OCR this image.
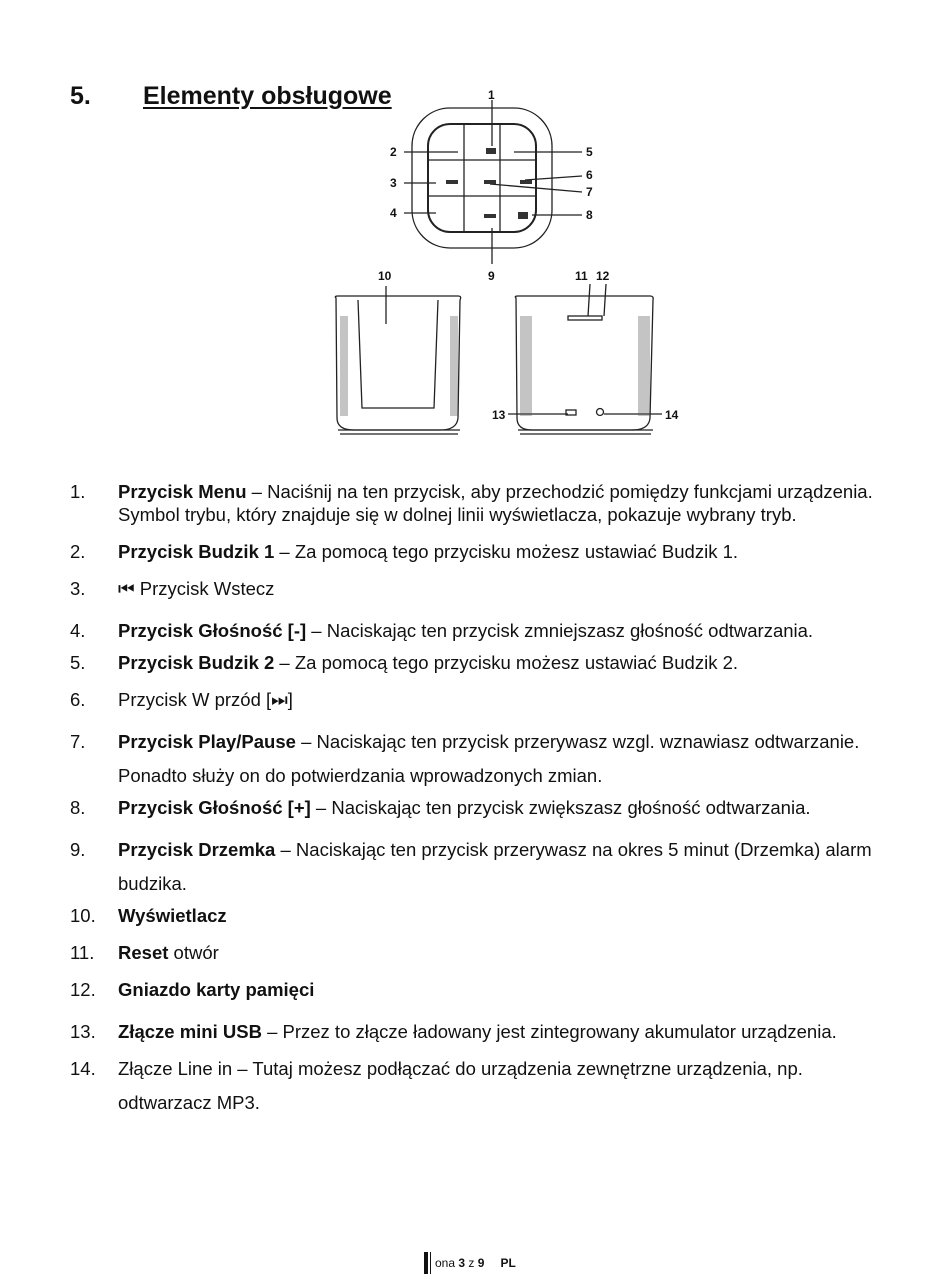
5.	Elementy obsługowe	1
2
3
4
5
6
7
8
9
10	11 12
13	14
1.	Przycisk Menu – Naciśnij na ten przycisk, aby przechodzić pomiędzy funkcjami urządzenia. Symbol trybu, który znajduje się w dolnej linii wyświetlacza, pokazuje wybrany tryb.
2.	Przycisk Budzik 1 – Za pomocą tego przycisku możesz ustawiać Budzik 1.
3.	⏮ Przycisk Wstecz
4.	Przycisk Głośność [-] – Naciskając ten przycisk zmniejszasz głośność odtwarzania.
5.	Przycisk Budzik 2 – Za pomocą tego przycisku możesz ustawiać Budzik 2.
6.	Przycisk W przód [⏭]
7.	Przycisk Play/Pause – Naciskając ten przycisk przerywasz wzgl. wznawiasz odtwarzanie. Ponadto służy on do potwierdzania wprowadzonych zmian.
8.	Przycisk Głośność [+] – Naciskając ten przycisk zwiększasz głośność odtwarzania.
9.	Przycisk Drzemka – Naciskając ten przycisk przerywasz na okres 5 minut (Drzemka) alarm budzika.
10.	Wyświetlacz
11.	Reset otwór
12.	Gniazdo karty pamięci
13.	Złącze mini USB – Przez to złącze ładowany jest zintegrowany akumulator urządzenia.
14.	Złącze Line in – Tutaj możesz podłączać do urządzenia zewnętrzne urządzenia, np. odtwarzacz MP3.
ona
3
z
9 PL
